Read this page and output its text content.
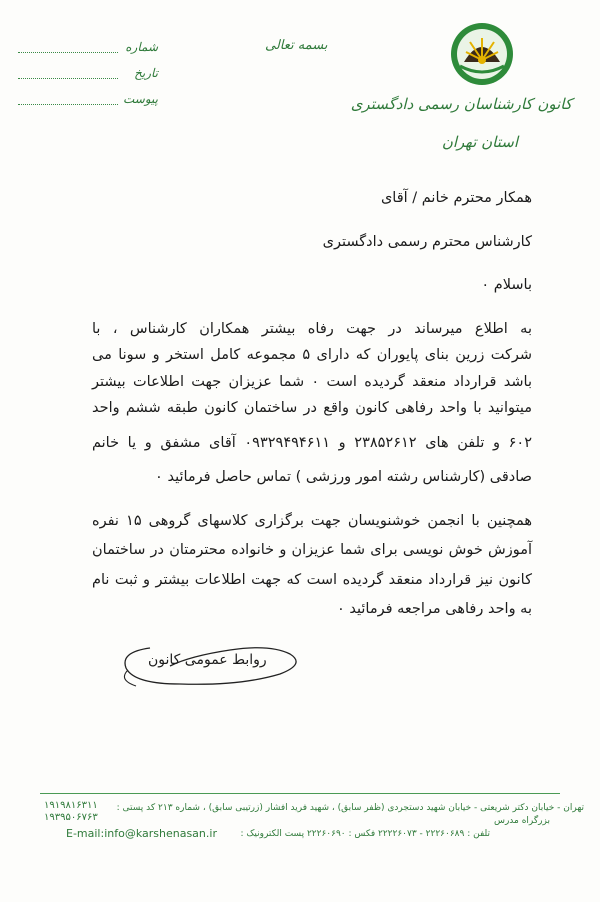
شماره
تاریخ
پیوست
بسمه تعالی
کانون کارشناسان رسمی دادگستری
استان تهران
همکار محترم خانم / آقای
کارشناس محترم رسمی دادگستری
باسلام ٠
به اطلاع میرساند در جهت رفاه بیشتر همکاران کارشناس ، با
شرکت زرین بنای پایوران که دارای ۵ مجموعه کامل استخر و سونا می
باشد قرارداد منعقد گردیده است ٠ شما عزیزان جهت اطلاعات بیشتر
میتوانید با واحد رفاهی کانون واقع در ساختمان کانون طبقه ششم واحد
۶۰۲ و تلفن های ۲۳۸۵۲۶۱۲ و ۰۹۳۲۹۴۹۴۶۱۱ آقای مشفق و یا خانم
صادقی (کارشناس رشته امور ورزشی ) تماس حاصل فرمائید ٠
همچنین با انجمن خوشنویسان جهت برگزاری کلاسهای گروهی ۱۵ نفره
آموزش خوش نویسی برای شما عزیزان و خانواده محترمتان در ساختمان
کانون نیز قرارداد منعقد گردیده است که جهت اطلاعات بیشتر و ثبت نام
به واحد رفاهی مراجعه فرمائید ٠
روابط عمومی کانون
۱۹۱۹۸۱۶۳۱۱
۱۹۳۹۵۰۶۷۶۳
تهران - خیابان دکتر شریعتی - خیابان شهید دستجردی (ظفر سابق) ، شهید فرید افشار (زرتیبی سابق) ، شماره ۲۱۳ کد پستی :
بزرگراه مدرس
تلفن : ۲۲۲۶۰۶۸۹ - ۲۲۲۲۶۰۷۳ فکس : ۲۲۲۶۰۶۹۰ پست الکترونیک :
E-mail:info@karshenasan.ir
